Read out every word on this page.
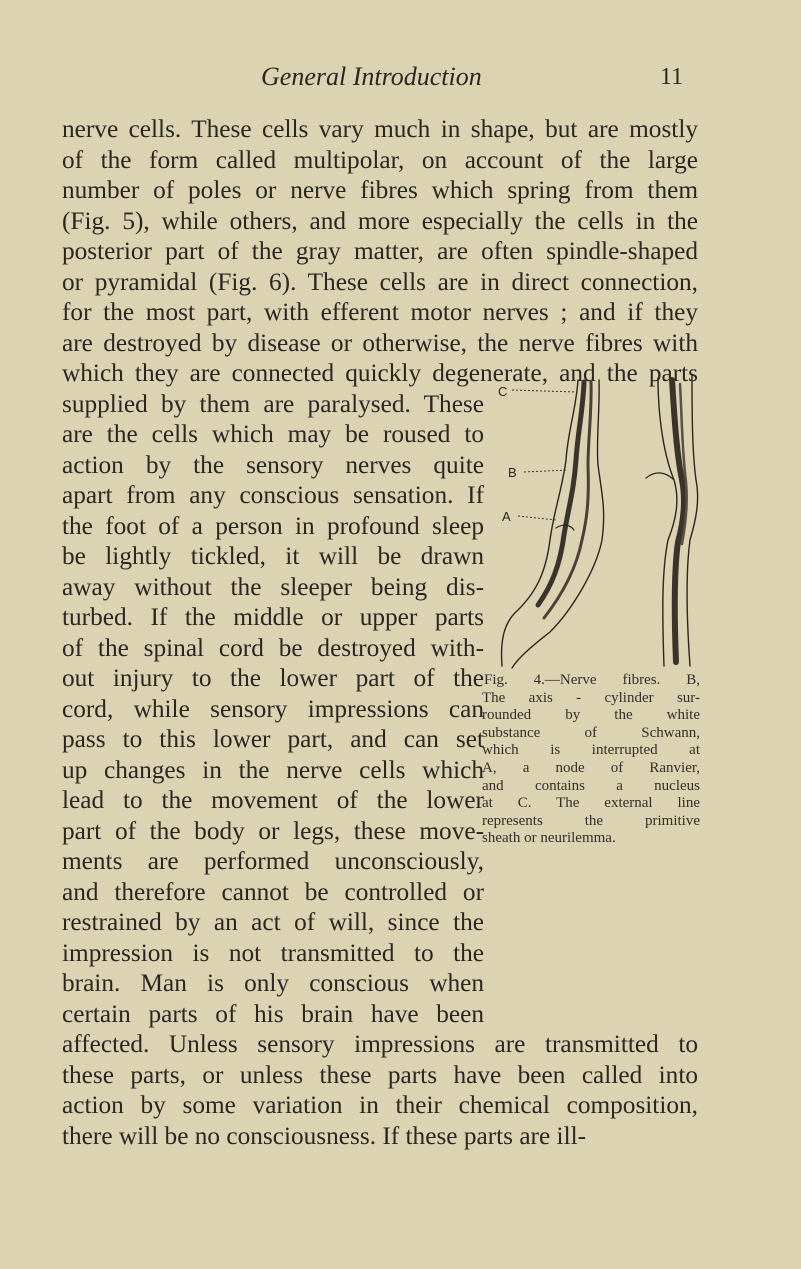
General Introduction	11
nerve cells. These cells vary much in shape, but are mostly
of the form called multipolar, on account of the large
number of poles or nerve fibres which spring from them
(Fig. 5), while others, and more especially the cells in the
posterior part of the gray matter, are often spindle-shaped
or pyramidal (Fig. 6). These cells are in direct connection,
for the most part, with efferent motor nerves ; and if they
are destroyed by disease or otherwise, the nerve fibres with
which they are connected quickly degenerate, and the parts
supplied by them are paralysed. These
are the cells which may be roused to
action by the sensory nerves quite
apart from any conscious sensation. If
the foot of a person in profound sleep
be lightly tickled, it will be drawn
away without the sleeper being dis-
turbed. If the middle or upper parts
of the spinal cord be destroyed with-
out injury to the lower part of the
cord, while sensory impressions can
pass to this lower part, and can set
up changes in the nerve cells which
lead to the movement of the lower
part of the body or legs, these move-
ments are performed unconsciously,
and therefore cannot be controlled or
restrained by an act of will, since the
impression is not transmitted to the
brain. Man is only conscious when
certain parts of his brain have been
affected. Unless sensory impressions are transmitted to
these parts, or unless these parts have been called into
action by some variation in their chemical composition,
there will be no consciousness. If these parts are ill-
C
B
A
Fig. 4.—Nerve fibres. B,
The axis - cylinder sur-
rounded by the white
substance of Schwann,
which is interrupted at
A, a node of Ranvier,
and contains a nucleus
at C. The external line
represents the primitive
sheath or neurilemma.
